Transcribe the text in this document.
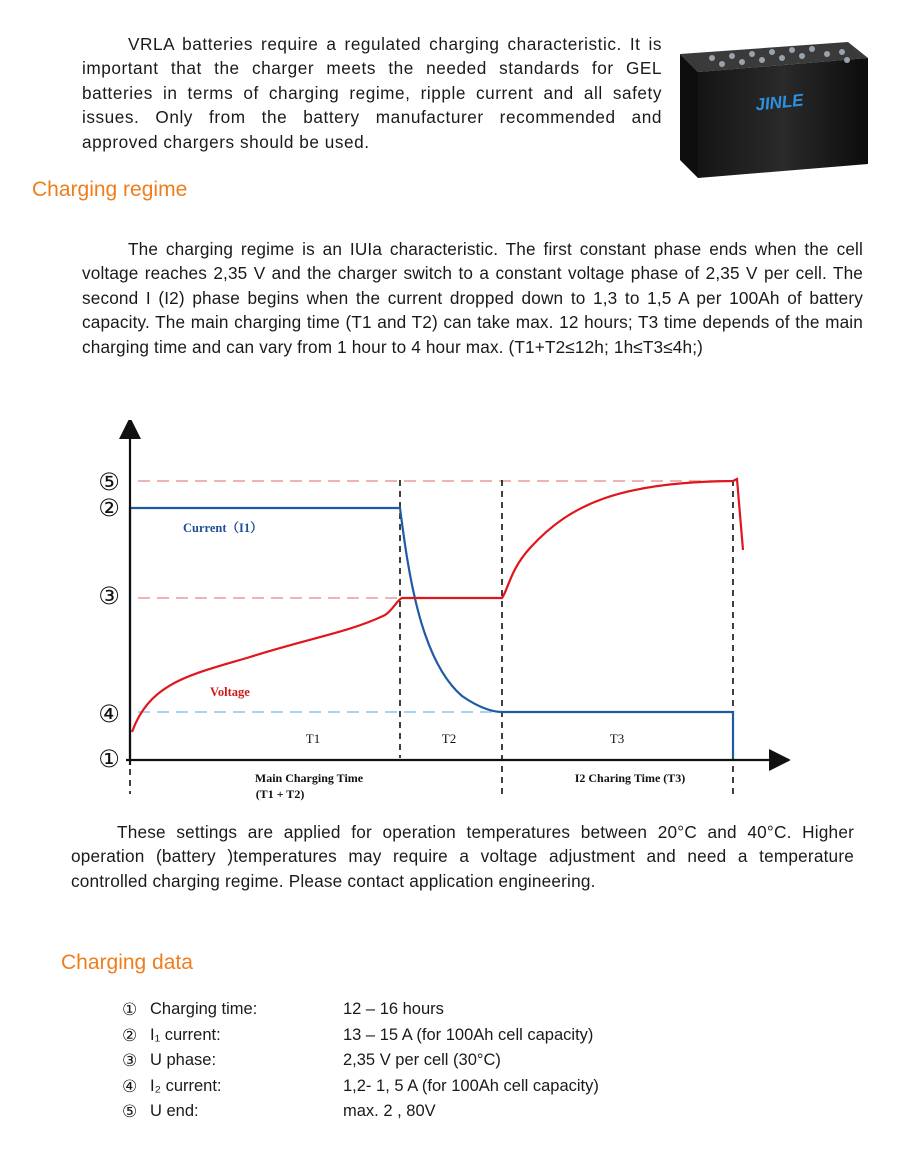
VRLA batteries require a regulated charging characteristic. It is important that the charger meets the needed standards for GEL batteries in terms of charging regime, ripple current and all safety issues. Only from the battery manufacturer recommended and approved chargers should be used.

JINLE
Charging regime

The charging regime is an IUIa characteristic. The first constant phase ends when the cell voltage reaches 2,35 V and the charger switch to a constant voltage phase of 2,35 V per cell. The second I (I2) phase begins when the current dropped down to 1,3 to 1,5 A per 100Ah of battery capacity. The main charging time (T1 and T2) can take max. 12 hours; T3 time depends of the main charging time and can vary from 1 hour to 4 hour max. (T1+T2≤12h; 1h≤T3≤4h;)

⑤
②
③
④
①
Current（I1）
Voltage
T1	T2	T3
Main Charging Time
(T1 + T2)
I2 Charing Time (T3)

These settings are applied for operation temperatures between 20°C and 40°C. Higher operation (battery )temperatures may require a voltage adjustment and need a temperature controlled charging regime. Please contact application engineering.

Charging data
① Charging time:	12 – 16 hours
② I₁ current:	13 – 15 A (for 100Ah cell capacity)
③ U phase:	2,35 V per cell (30°C)
④ I₂ current:	1,2- 1, 5 A (for 100Ah cell capacity)
⑤ U end:	max. 2 , 80V
